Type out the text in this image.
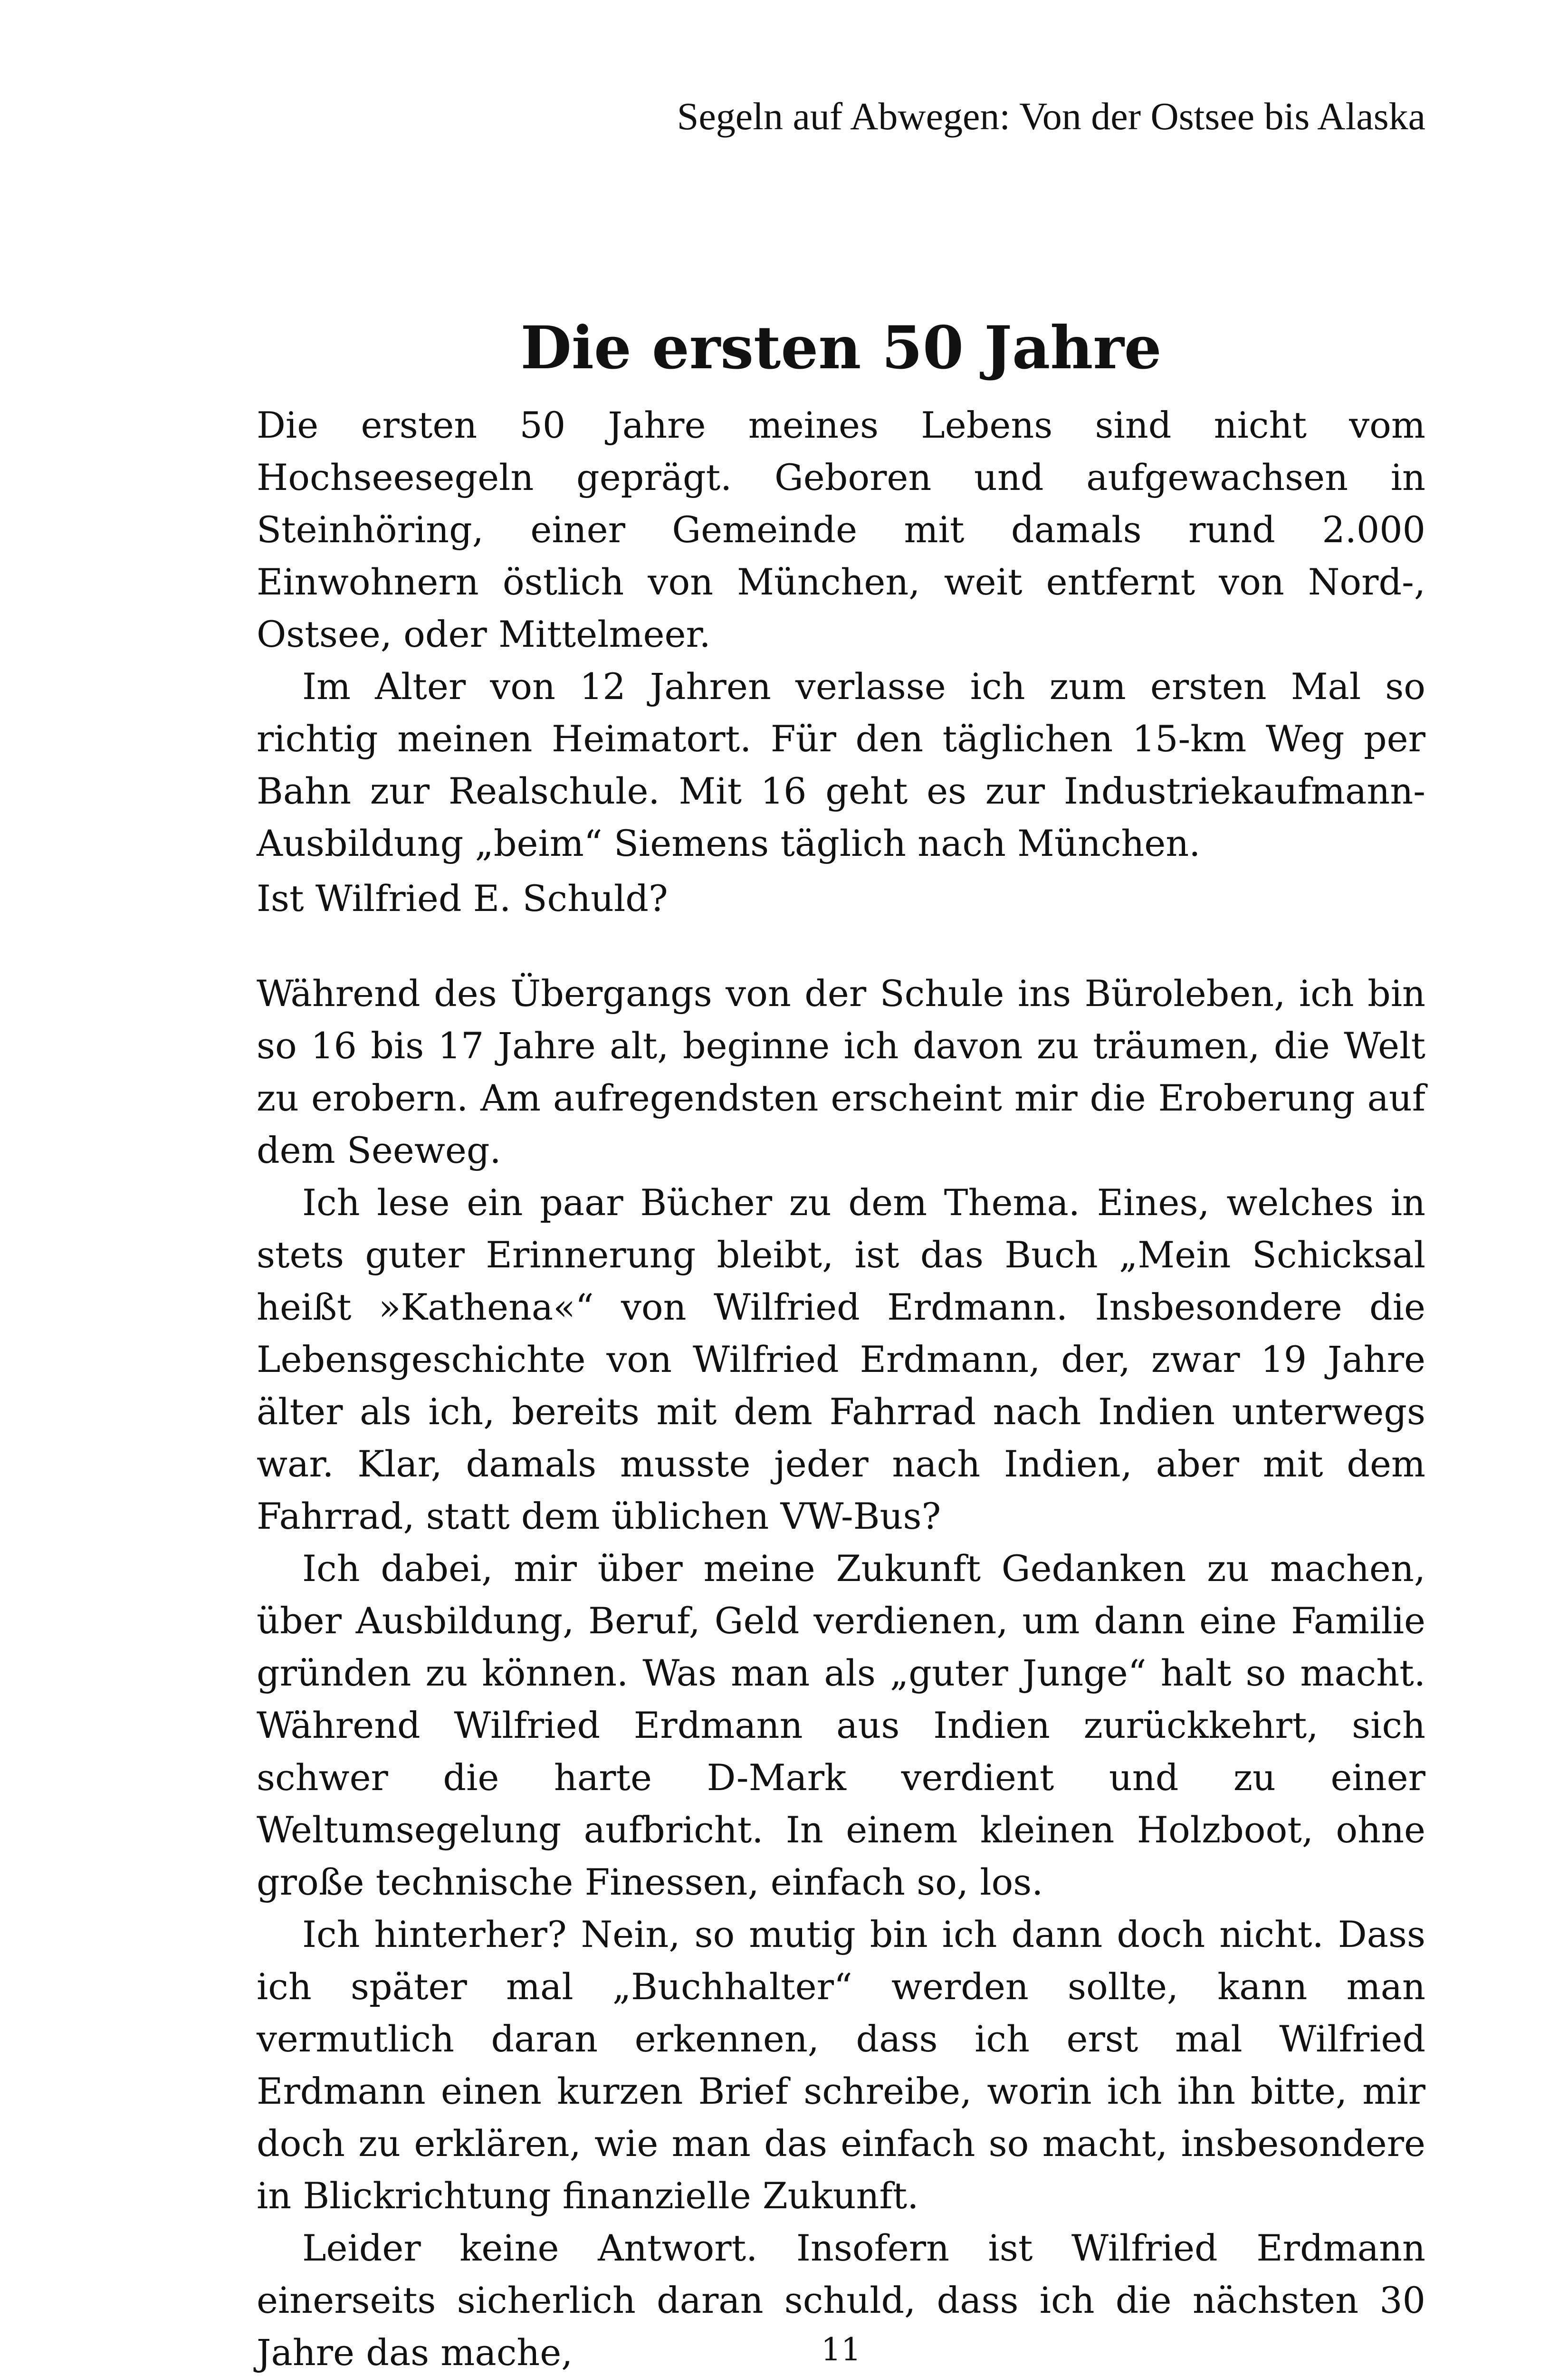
Segeln auf Abwegen: Von der Ostsee bis Alaska
Die ersten 50 Jahre

Die ersten 50 Jahre meines Lebens sind nicht vom Hochseesegeln geprägt. Geboren und aufgewachsen in Steinhöring, einer Gemeinde mit damals rund 2.000 Einwohnern östlich von München, weit entfernt von Nord-, Ostsee, oder Mittelmeer.

Im Alter von 12 Jahren verlasse ich zum ersten Mal so richtig meinen Heimatort. Für den täglichen 15-km Weg per Bahn zur Realschule. Mit 16 geht es zur Industriekaufmann-Ausbildung „beim“ Siemens täglich nach München.

Ist Wilfried E. Schuld?

Während des Übergangs von der Schule ins Büroleben, ich bin so 16 bis 17 Jahre alt, beginne ich davon zu träumen, die Welt zu erobern. Am aufregendsten erscheint mir die Eroberung auf dem Seeweg.

Ich lese ein paar Bücher zu dem Thema. Eines, welches in stets guter Erinnerung bleibt, ist das Buch „Mein Schicksal heißt »Kathena«“ von Wilfried Erdmann. Insbesondere die Lebensgeschichte von Wilfried Erdmann, der, zwar 19 Jahre älter als ich, bereits mit dem Fahrrad nach Indien unterwegs war. Klar, damals musste jeder nach Indien, aber mit dem Fahrrad, statt dem üblichen VW-Bus?

Ich dabei, mir über meine Zukunft Gedanken zu machen, über Ausbildung, Beruf, Geld verdienen, um dann eine Familie gründen zu können. Was man als „guter Junge“ halt so macht. Während Wilfried Erdmann aus Indien zurückkehrt, sich schwer die harte D-Mark verdient und zu einer Weltumsegelung aufbricht. In einem kleinen Holzboot, ohne große technische Finessen, einfach so, los.

Ich hinterher? Nein, so mutig bin ich dann doch nicht. Dass ich später mal „Buchhalter“ werden sollte, kann man vermutlich daran erkennen, dass ich erst mal Wilfried Erdmann einen kurzen Brief schreibe, worin ich ihn bitte, mir doch zu erklären, wie man das einfach so macht, insbesondere in Blickrichtung finanzielle Zukunft.

Leider keine Antwort. Insofern ist Wilfried Erdmann einerseits sicherlich daran schuld, dass ich die nächsten 30 Jahre das mache,	11
